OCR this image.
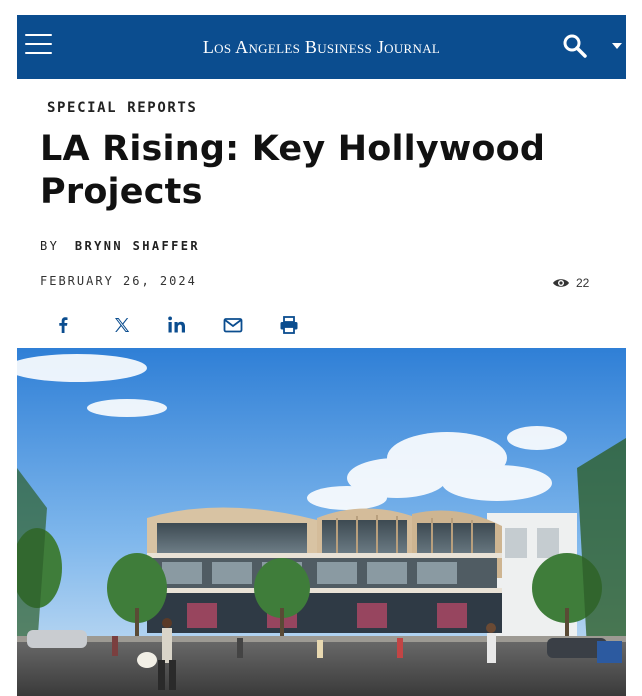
Los Angeles Business Journal
SPECIAL REPORTS
LA Rising: Key Hollywood Projects
BY BRYNN SHAFFER
FEBRUARY 26, 2024	22
